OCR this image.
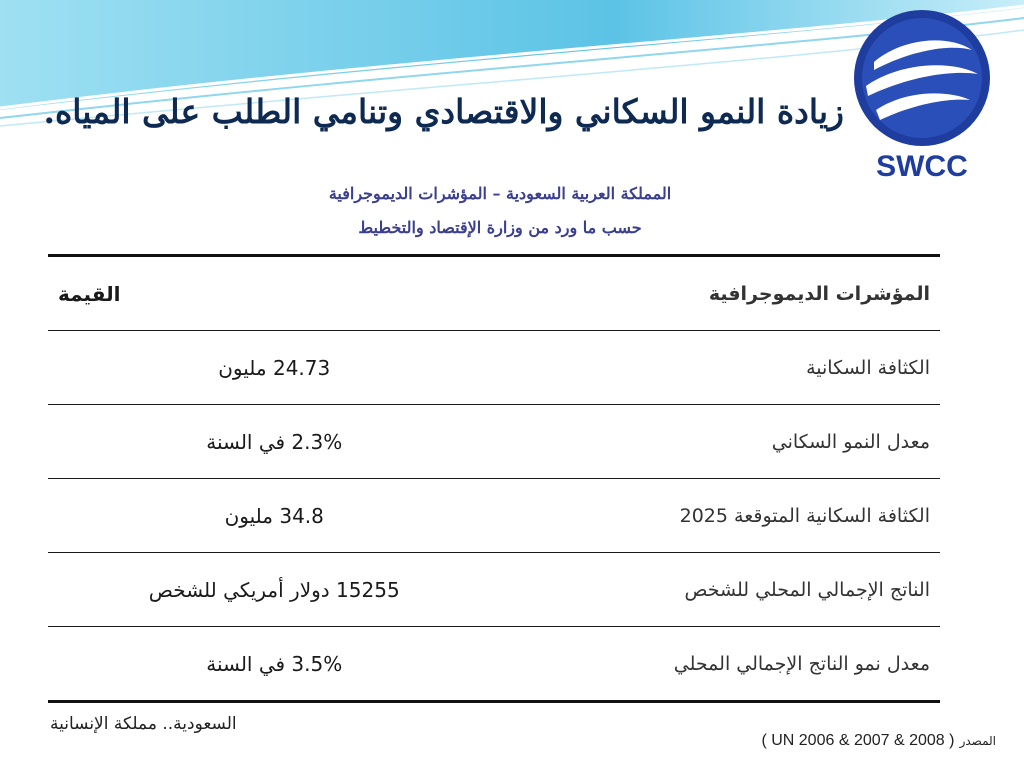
SWCC
زيادة النمو السكاني والاقتصادي وتنامي الطلب على المياه.
المملكة العربية السعودية – المؤشرات الديموجرافية
حسب ما ورد من وزارة الإقتصاد والتخطيط
المؤشرات الديموجرافية	القيمة
الكثافة السكانية	24.73 مليون
معدل النمو السكاني	2.3% في السنة
الكثافة السكانية المتوقعة 2025	34.8 مليون
الناتج الإجمالي المحلي للشخص	15255 دولار أمريكي للشخص
معدل نمو الناتج الإجمالي المحلي	3.5% في السنة
السعودية.. مملكة الإنسانية
المصدر ( UN 2006 & 2007 & 2008 )
